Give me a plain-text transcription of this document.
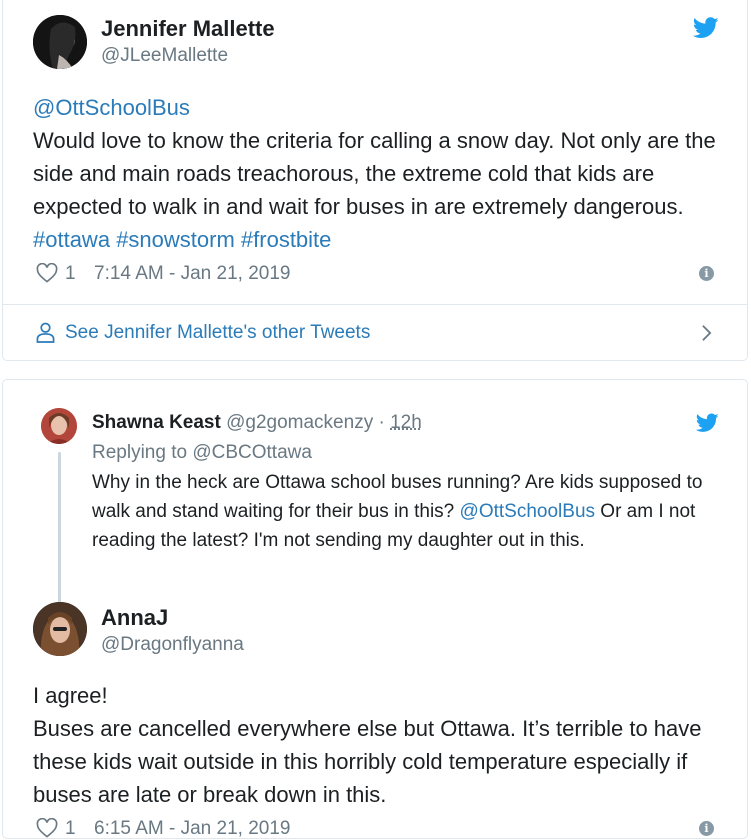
Jennifer Mallette
@JLeeMallette
@OttSchoolBus
Would love to know the criteria for calling a snow day. Not only are the side and main roads treachorous, the extreme cold that kids are expected to walk in and wait for buses in are extremely dangerous. #ottawa #snowstorm #frostbite
1 7:14 AM - Jan 21, 2019	i
See Jennifer Mallette's other Tweets
Shawna Keast @g2gomackenzy · 12h
Replying to @CBCOttawa
Why in the heck are Ottawa school buses running? Are kids supposed to walk and stand waiting for their bus in this? @OttSchoolBus Or am I not reading the latest? I'm not sending my daughter out in this.
AnnaJ
@Dragonflyanna
I agree!
Buses are cancelled everywhere else but Ottawa. It’s terrible to have these kids wait outside in this horribly cold temperature especially if buses are late or break down in this.
1 6:15 AM - Jan 21, 2019	i
